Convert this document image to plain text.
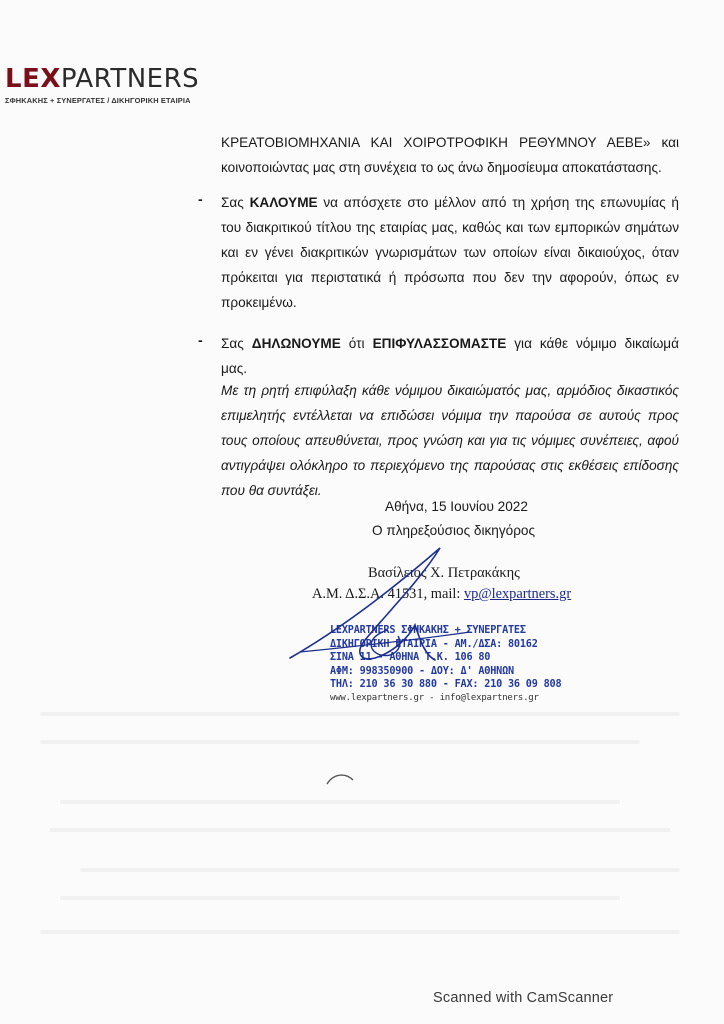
LEXPARTNERS
ΣΦΗΚΑΚΗΣ + ΣΥΝΕΡΓΑΤΕΣ / ΔΙΚΗΓΟΡΙΚΗ ΕΤΑΙΡΙΑ
ΚΡΕΑΤΟΒΙΟΜΗΧΑΝΙΑ ΚΑΙ ΧΟΙΡΟΤΡΟΦΙΚΗ ΡΕΘΥΜΝΟΥ ΑΕΒΕ» και
κοινοποιώντας μας στη συνέχεια το ως άνω δημοσίευμα αποκατάστασης.
- Σας ΚΑΛΟΥΜΕ να απόσχετε στο μέλλον από τη χρήση της επωνυμίας ή του διακριτικού τίτλου της εταιρίας μας, καθώς και των εμπορικών σημάτων και εν γένει διακριτικών γνωρισμάτων των οποίων είναι δικαιούχος, όταν πρόκειται για περιστατικά ή πρόσωπα που δεν την αφορούν, όπως εν προκειμένω.
- Σας ΔΗΛΩΝΟΥΜΕ ότι ΕΠΙΦΥΛΑΣΣΟΜΑΣΤΕ για κάθε νόμιμο δικαίωμά μας.
Με τη ρητή επιφύλαξη κάθε νόμιμου δικαιώματός μας, αρμόδιος δικαστικός επιμελητής εντέλλεται να επιδώσει νόμιμα την παρούσα σε αυτούς προς τους οποίους απευθύνεται, προς γνώση και για τις νόμιμες συνέπειες, αφού αντιγράψει ολόκληρο το περιεχόμενο της παρούσας στις εκθέσεις επίδοσης που θα συντάξει.
Αθήνα, 15 Ιουνίου 2022
Ο πληρεξούσιος δικηγόρος
Βασίλειος Χ. Πετρακάκης
Α.Μ. Δ.Σ.Α. 41531, mail: vp@lexpartners.gr
LEXPARTNERS ΣΦΗΚΑΚΗΣ + ΣΥΝΕΡΓΑΤΕΣ
ΔΙΚΗΓΟΡΙΚΗ ΕΤΑΙΡΙΑ - ΑΜ./ΔΣΑ: 80162
ΣΙΝΑ 11 - ΑΘΗΝΑ Τ.Κ. 106 80
ΑΦΜ: 998350900 - ΔΟΥ: Δ' ΑΘΗΝΩΝ
ΤΗΛ: 210 36 30 880 - FAX: 210 36 09 808
www.lexpartners.gr - info@lexpartners.gr
Scanned with CamScanner
